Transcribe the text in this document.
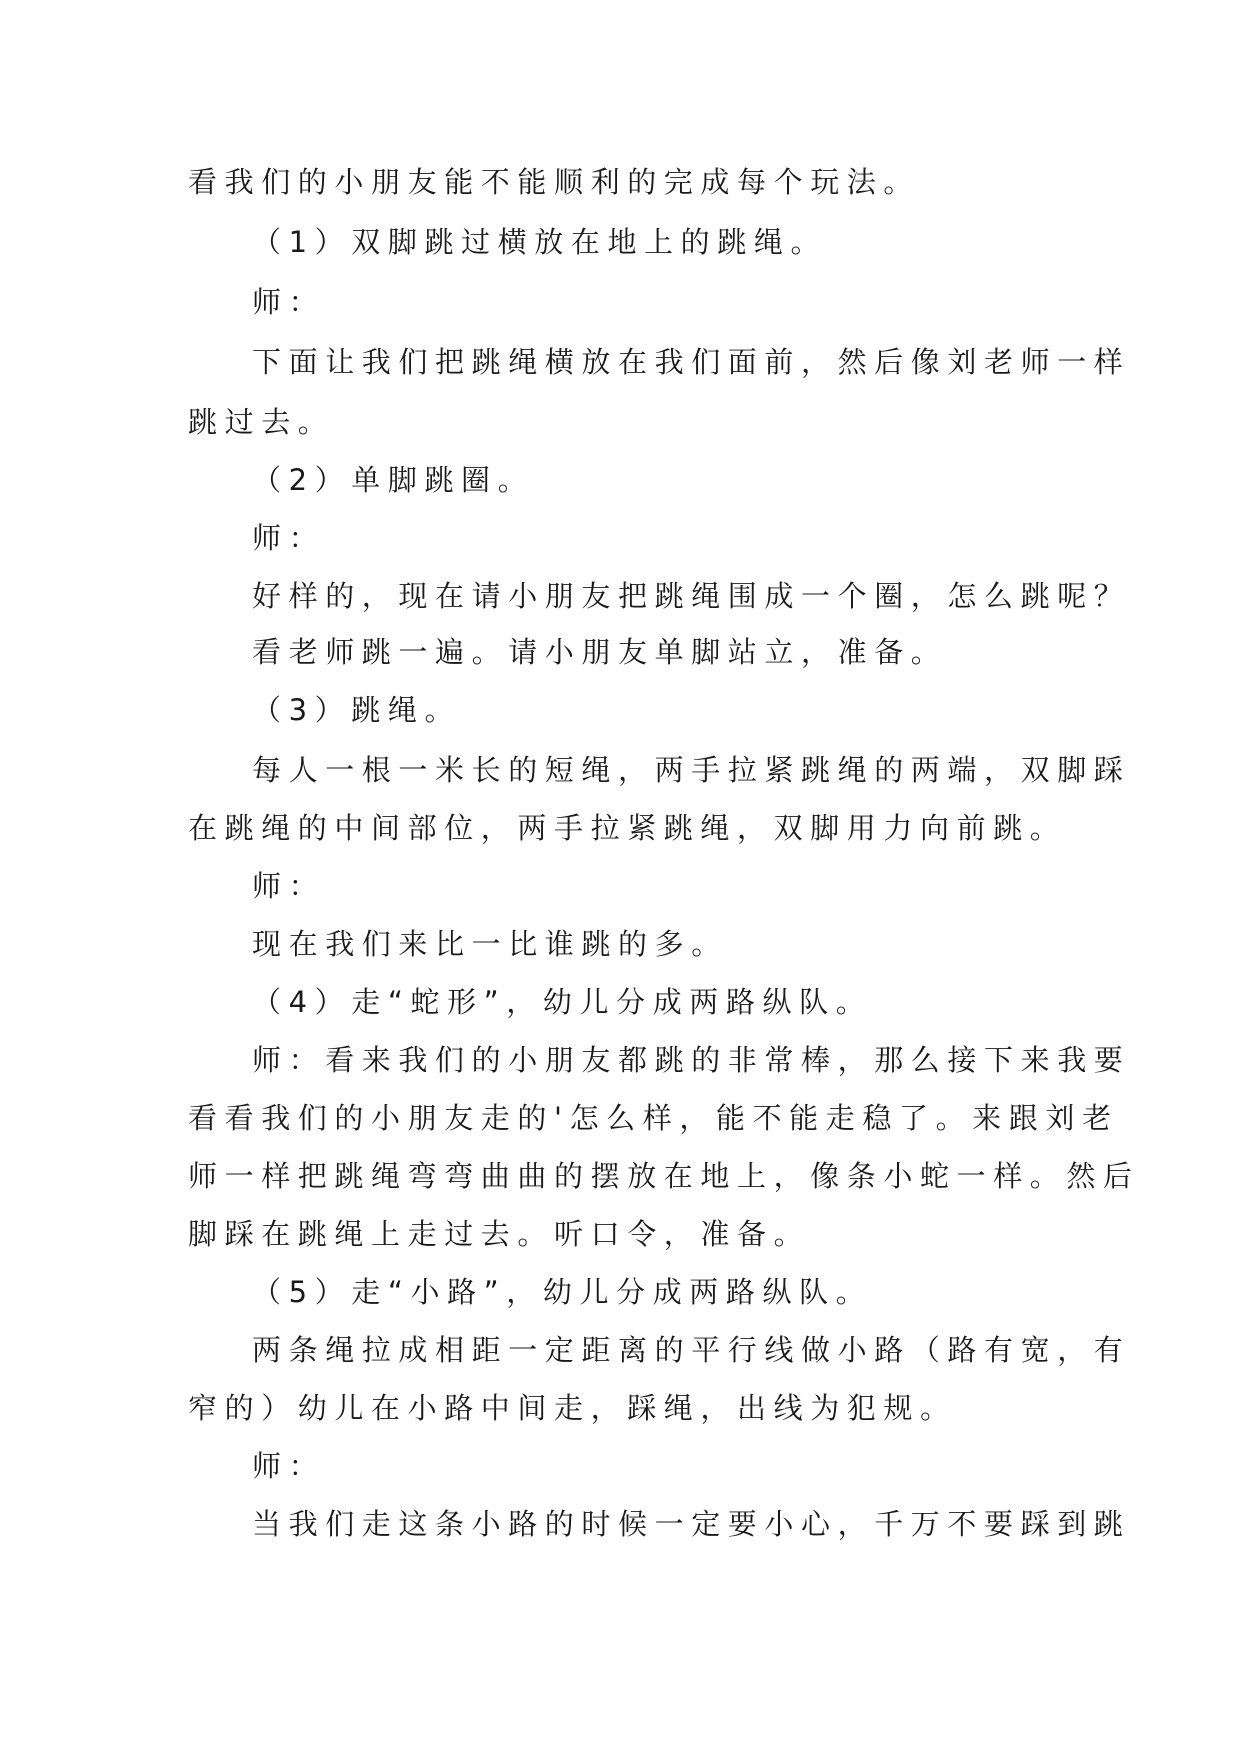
看我们的小朋友能不能顺利的完成每个玩法。
（1）双脚跳过横放在地上的跳绳。
师：
下面让我们把跳绳横放在我们面前，然后像刘老师一样
跳过去。
（2）单脚跳圈。
师：
好样的，现在请小朋友把跳绳围成一个圈，怎么跳呢？
看老师跳一遍。请小朋友单脚站立，准备。
（3）跳绳。
每人一根一米长的短绳，两手拉紧跳绳的两端，双脚踩
在跳绳的中间部位，两手拉紧跳绳，双脚用力向前跳。
师：
现在我们来比一比谁跳的多。
（4）走“蛇形”，幼儿分成两路纵队。
师：看来我们的小朋友都跳的非常棒，那么接下来我要
看看我们的小朋友走的'怎么样，能不能走稳了。来跟刘老
师一样把跳绳弯弯曲曲的摆放在地上，像条小蛇一样。然后
脚踩在跳绳上走过去。听口令，准备。
（5）走“小路”，幼儿分成两路纵队。
两条绳拉成相距一定距离的平行线做小路（路有宽，有
窄的）幼儿在小路中间走，踩绳，出线为犯规。
师：
当我们走这条小路的时候一定要小心，千万不要踩到跳
